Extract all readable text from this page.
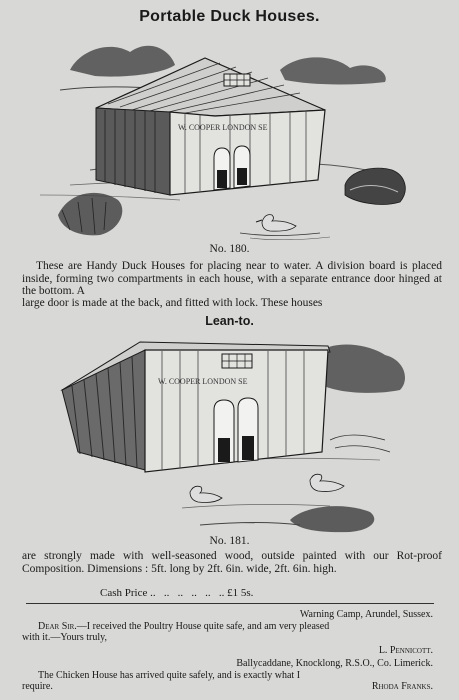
Portable Duck Houses.
W. COOPER LONDON SE
No. 180.
These are Handy Duck Houses for placing near to water. A division board is placed inside, forming two compartments in each house, with a separate entrance door hinged at the bottom. A
large door is made at the back, and fitted with lock. These houses
Lean-to.
W. COOPER LONDON SE
No. 181.
are strongly made with well-seasoned wood, outside painted with our Rot-proof Composition. Dimensions : 5ft. long by 2ft. 6in. wide, 2ft. 6in. high.
Cash Price ..   ..   ..   ..   ..   .. £1 5s.
Warning Camp, Arundel, Sussex.
Dear Sir.—I received the Poultry House quite safe, and am very pleased
with it.—Yours truly,
L. Pennicott.
Ballycaddane, Knocklong, R.S.O., Co. Limerick.
The Chicken House has arrived quite safely, and is exactly what I
require.	Rhoda Franks.
